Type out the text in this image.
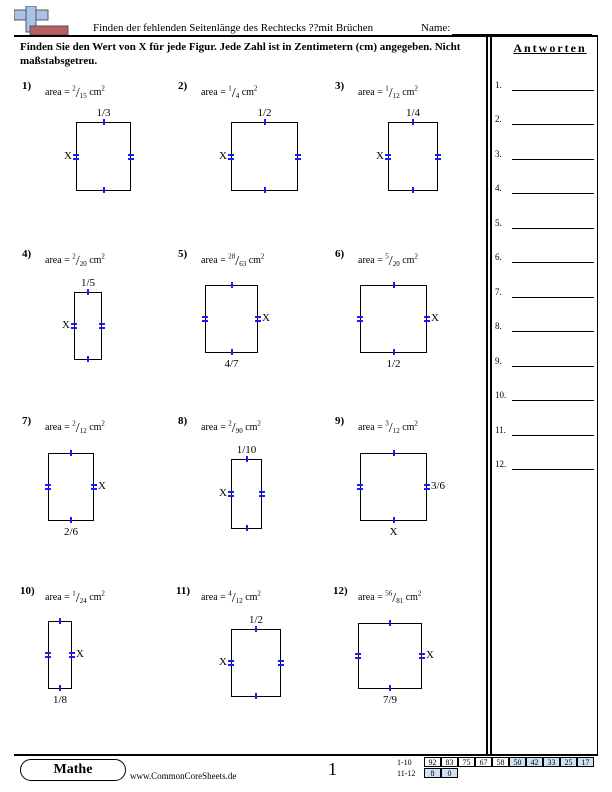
Finden der fehlenden Seitenlänge des Rechtecks ??mit Brüchen	Name:
Finden Sie den Wert von X für jede Figur. Jede Zahl ist in Zentimetern (cm) angegeben. Nicht maßstabsgetreu.
Antworten
Mathe	www.CommonCoreSheets.de	1
1)
area = $^2/_{15}$ $cm^2$
1/3
X
2)
area = $^1/_4$ $cm^2$
1/2
X
3)
area = $^1/_{12}$ $cm^2$
1/4
X
4)
area = $^2/_{20}$ $cm^2$
1/5
X
5)
area = $^{28}/_{63}$ $cm^2$
4/7
X
6)
area = $^5/_{20}$ $cm^2$
1/2
X
7)
area = $^2/_{12}$ $cm^2$
2/6
X
8)
area = $^2/_{90}$ $cm^2$
1/10
X
9)
area = $^3/_{12}$ $cm^2$
X
3/6
10)
area = $^1/_{24}$ $cm^2$
1/8
X
11)
area = $^4/_{12}$ $cm^2$
1/2
X
12)
area = $^{56}/_{81}$ $cm^2$
7/9
X
1.
2.
3.
4.
5.
6.
7.
8.
9.
10.
11.
12.
1-10	92	83	75	67	58	50	42	33	25	17
11-12	8	0
